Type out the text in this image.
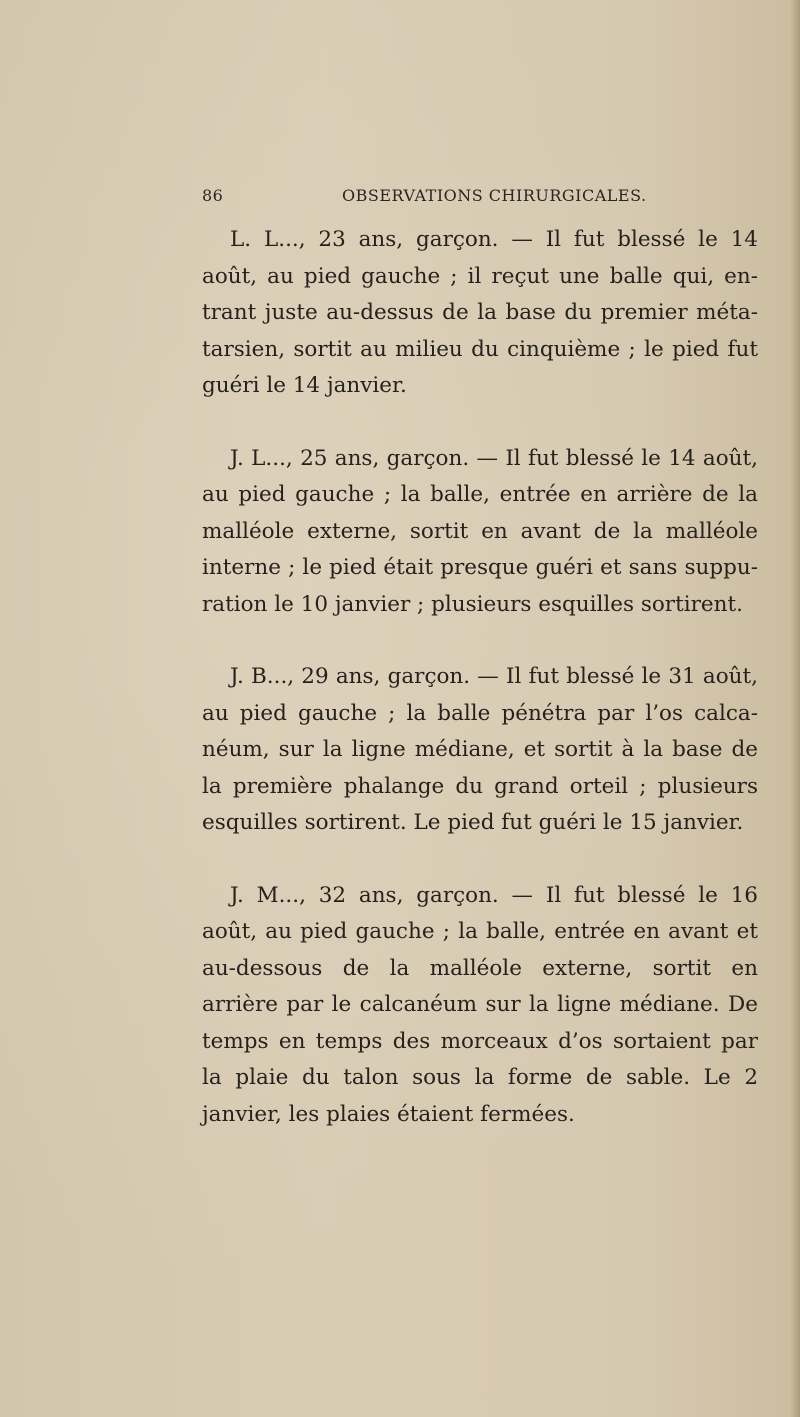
86	OBSERVATIONS CHIRURGICALES.

L. L..., 23 ans, garçon. — Il fut blessé le 14 août, au pied gauche ; il reçut une balle qui, en-trant juste au-dessus de la base du premier méta-tarsien, sortit au milieu du cinquième ; le pied fut guéri le 14 janvier.

J. L..., 25 ans, garçon. — Il fut blessé le 14 août, au pied gauche ; la balle, entrée en arrière de la malléole externe, sortit en avant de la malléole interne ; le pied était presque guéri et sans suppu-ration le 10 janvier ; plusieurs esquilles sortirent.

J. B..., 29 ans, garçon. — Il fut blessé le 31 août, au pied gauche ; la balle pénétra par l’os calca-néum, sur la ligne médiane, et sortit à la base de la première phalange du grand orteil ; plusieurs esquilles sortirent. Le pied fut guéri le 15 janvier.

J. M..., 32 ans, garçon. — Il fut blessé le 16 août, au pied gauche ; la balle, entrée en avant et au-dessous de la malléole externe, sortit en arrière par le calcanéum sur la ligne médiane. De temps en temps des morceaux d’os sortaient par la plaie du talon sous la forme de sable. Le 2 janvier, les plaies étaient fermées.
